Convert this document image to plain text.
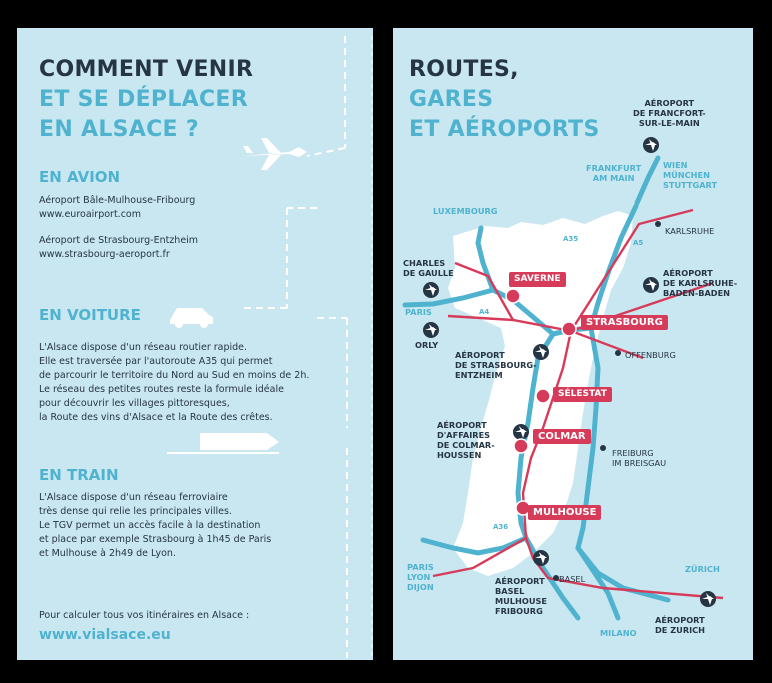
COMMENT VENIR
ET SE DÉPLACER
EN ALSACE ?
EN AVION
Aéroport Bâle-Mulhouse-Fribourg
www.euroairport.com
Aéroport de Strasbourg-Entzheim
www.strasbourg-aeroport.fr
EN VOITURE
L'Alsace dispose d'un réseau routier rapide.
Elle est traversée par l'autoroute A35 qui permet
de parcourir le territoire du Nord au Sud en moins de 2h.
Le réseau des petites routes reste la formule idéale
pour découvrir les villages pittoresques,
la Route des vins d'Alsace et la Route des crêtes.
EN TRAIN
L'Alsace dispose d'un réseau ferroviaire
très dense qui relie les principales villes.
Le TGV permet un accès facile à la destination
et place par exemple Strasbourg à 1h45 de Paris
et Mulhouse à 2h49 de Lyon.
Pour calculer tous vos itinéraires en Alsace :
www.vialsace.eu
ROUTES,
GARES
ET AÉROPORTS
AÉROPORT
DE FRANCFORT-
SUR-LE-MAIN
FRANKFURT
AM MAIN
WIEN
MÜNCHEN
STUTTGART
LUXEMBOURG
KARLSRUHE
CHARLES
DE GAULLE	AÉROPORT
DE KARLSRUHE-
BADEN-BADEN
PARIS
ORLY
OFFENBURG
AÉROPORT
DE STRASBOURG-
ENTZHEIM
AÉROPORT
D'AFFAIRES
DE COLMAR-
HOUSSEN	FREIBURG
IM BREISGAU
PARIS
LYON
DIJON
AÉROPORT
BASEL
MULHOUSE
FRIBOURG
BASEL
ZÜRICH
MILANO
AÉROPORT
DE ZURICH
A4
A5
A35
A36
SAVERNE
STRASBOURG
SÉLESTAT
COLMAR
MULHOUSE
